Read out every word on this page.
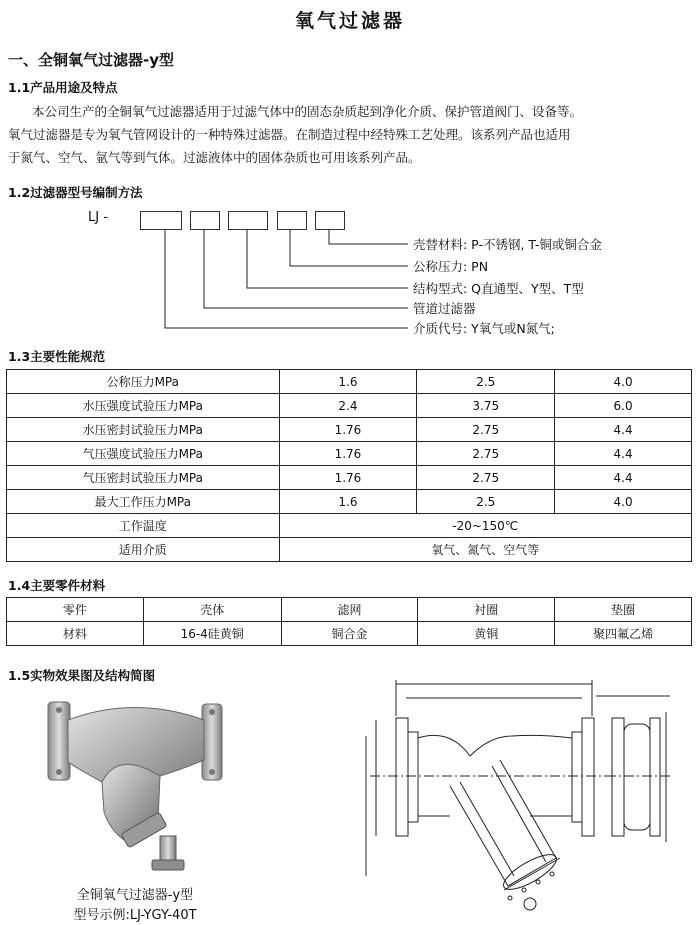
氧气过滤器
一、全铜氧气过滤器-y型
1.1产品用途及特点

本公司生产的全铜氧气过滤器适用于过滤气体中的固态杂质起到净化介质、保护管道阀门、设备等。
氧气过滤器是专为氧气管网设计的一种特殊过滤器。在制造过程中经特殊工艺处理。该系列产品也适用
于氮气、空气、氩气等到气体。过滤液体中的固体杂质也可用该系列产品。

1.2过滤器型号编制方法
LJ -
壳替材料: P-不锈钢, T-铜或铜合金
公称压力: PN
结构型式: Q直通型、Y型、T型
管道过滤器
介质代号: Y氧气或N氮气;
1.3主要性能规范
公称压力MPa	1.6	2.5	4.0
水压强度试验压力MPa	2.4	3.75	6.0
水压密封试验压力MPa	1.76	2.75	4.4
气压强度试验压力MPa	1.76	2.75	4.4
气压密封试验压力MPa	1.76	2.75	4.4
最大工作压力MPa	1.6	2.5	4.0
工作温度	-20~150℃		
适用介质	氧气、氮气、空气等		
1.4主要零件材料
零件	壳体	滤网	衬圈	垫圈
材料	16-4硅黄铜	铜合金	黄铜	聚四氟乙烯
1.5实物效果图及结构简图
全铜氧气过滤器-y型
型号示例:LJ-YGY-40T
